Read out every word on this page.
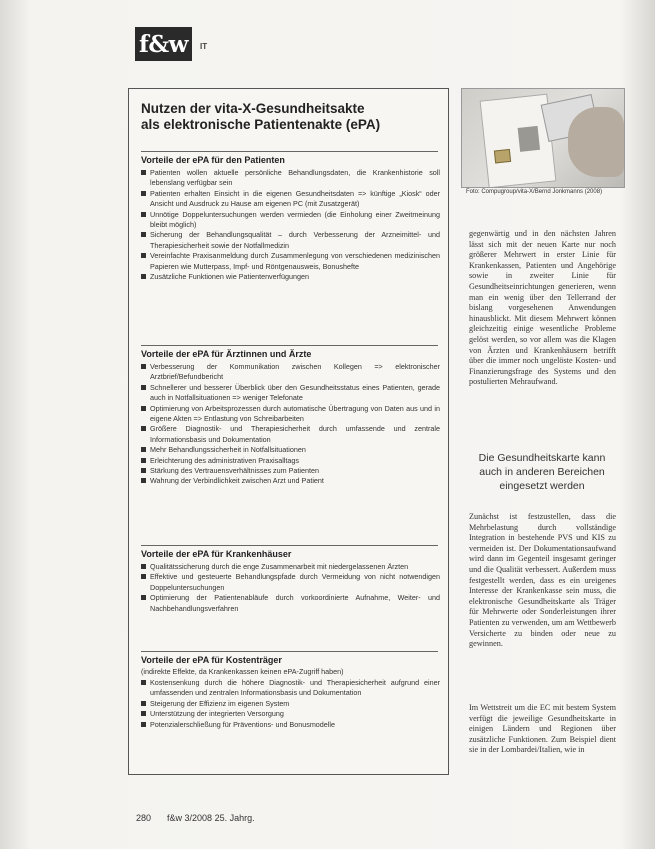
f&w	IT
Nutzen der vita-X-Gesundheitsakte
als elektronische Patientenakte (ePA)
Vorteile der ePA für den Patienten
Patienten wollen aktuelle persönliche Behandlungsdaten, die Krankenhistorie soll lebenslang verfügbar sein
Patienten erhalten Einsicht in die eigenen Gesundheitsdaten => künftige „Kiosk“ oder Ansicht und Ausdruck zu Hause am eigenen PC (mit Zusatzgerät)
Unnötige Doppeluntersuchungen werden vermieden (die Einholung einer Zweitmeinung bleibt möglich)
Sicherung der Behandlungsqualität – durch Verbesserung der Arzneimittel- und Therapiesicherheit sowie der Notfallmedizin
Vereinfachte Praxisanmeldung durch Zusammenlegung von verschiedenen medizinischen Papieren wie Mutterpass, Impf- und Röntgenausweis, Bonushefte
Zusätzliche Funktionen wie Patientenverfügungen
Vorteile der ePA für Ärztinnen und Ärzte
Verbesserung der Kommunikation zwischen Kollegen => elektronischer Arztbrief/Befundbericht
Schnellerer und besserer Überblick über den Gesundheitsstatus eines Patienten, gerade auch in Notfallsituationen => weniger Telefonate
Optimierung von Arbeitsprozessen durch automatische Übertragung von Daten aus und in eigene Akten => Entlastung von Schreibarbeiten
Größere Diagnostik- und Therapiesicherheit durch umfassende und zentrale Informationsbasis und Dokumentation
Mehr Behandlungssicherheit in Notfallsituationen
Erleichterung des administrativen Praxisalltags
Stärkung des Vertrauensverhältnisses zum Patienten
Wahrung der Verbindlichkeit zwischen Arzt und Patient
Vorteile der ePA für Krankenhäuser
Qualitätssicherung durch die enge Zusammenarbeit mit niedergelassenen Ärzten
Effektive und gesteuerte Behandlungspfade durch Vermeidung von nicht notwendigen Doppeluntersuchungen
Optimierung der Patientenabläufe durch vorkoordinierte Aufnahme, Weiter- und Nachbehandlungsverfahren
Vorteile der ePA für Kostenträger
(indirekte Effekte, da Krankenkassen keinen ePA-Zugriff haben)
Kostensenkung durch die höhere Diagnostik- und Therapiesicherheit aufgrund einer umfassenden und zentralen Informationsbasis und Dokumentation
Steigerung der Effizienz im eigenen System
Unterstützung der integrierten Versorgung
Potenzialerschließung für Präventions- und Bonusmodelle
Foto: Compugroup/vita-X/Bernd Jonkmanns (2008)

gegenwärtig und in den nächsten Jahren lässt sich mit der neuen Karte nur noch größerer Mehrwert in erster Linie für Krankenkassen, Patienten und Angehörige sowie in zweiter Linie für Gesundheitseinrichtungen generieren, wenn man ein wenig über den Tellerrand der bislang vorgesehenen Anwendungen hinausblickt. Mit diesem Mehrwert können gleichzeitig einige wesentliche Probleme gelöst werden, so vor allem was die Klagen von Ärzten und Krankenhäusern betrifft über die immer noch ungelöste Kosten- und Finanzierungsfrage des Systems und den postulierten Mehraufwand.

Die Gesundheitskarte kann
auch in anderen Bereichen
eingesetzt werden

Zunächst ist festzustellen, dass die Mehrbelastung durch vollständige Integration in bestehende PVS und KIS zu vermeiden ist. Der Dokumentationsaufwand wird dann im Gegenteil insgesamt geringer und die Qualität verbessert. Außerdem muss festgestellt werden, dass es ein ureigenes Interesse der Krankenkasse sein muss, die elektronische Gesundheitskarte als Träger für Mehrwerte oder Sonderleistungen ihrer Patienten zu verwenden, um am Wettbewerb Versicherte zu binden oder neue zu gewinnen.

Im Wettstreit um die EC mit bestem System verfügt die jeweilige Gesundheitskarte in einigen Ländern und Regionen über zusätzliche Funktionen. Zum Beispiel dient sie in der Lombardei/Italien, wie in

280 f&w 3/2008 25. Jahrg.
